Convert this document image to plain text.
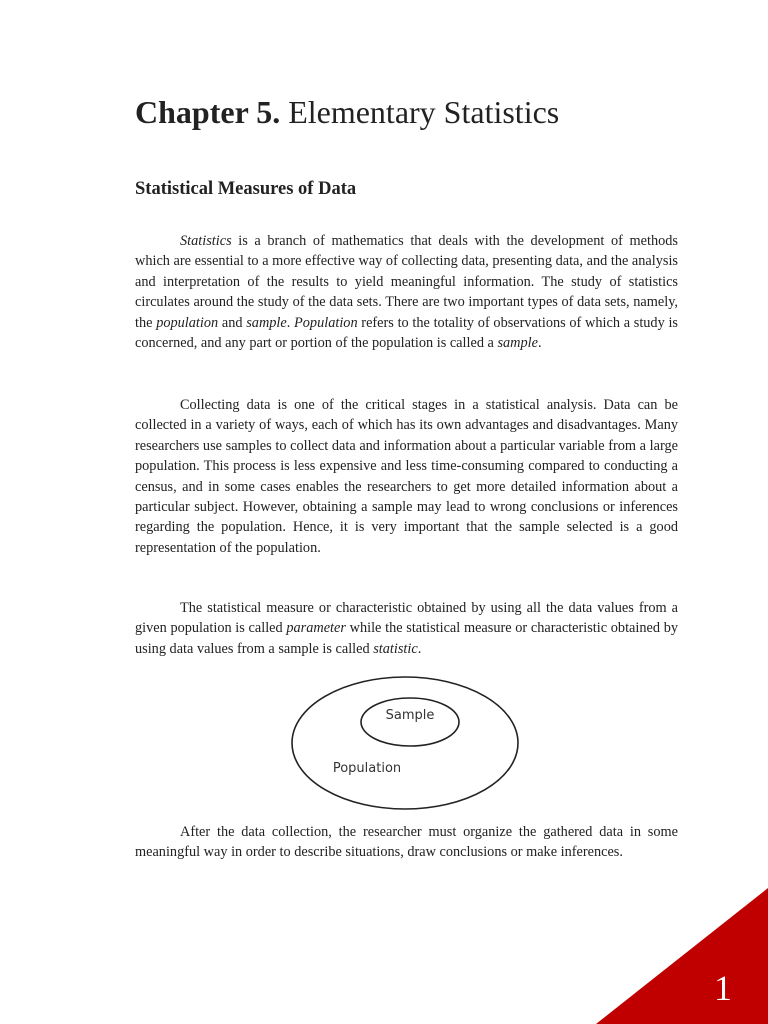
Chapter 5. Elementary Statistics
Statistical Measures of Data

Statistics is a branch of mathematics that deals with the development of methods which are essential to a more effective way of collecting data, presenting data, and the analysis and interpretation of the results to yield meaningful information. The study of statistics circulates around the study of the data sets. There are two important types of data sets, namely, the population and sample. Population refers to the totality of observations of which a study is concerned, and any part or portion of the population is called a sample.

Collecting data is one of the critical stages in a statistical analysis. Data can be collected in a variety of ways, each of which has its own advantages and disadvantages. Many researchers use samples to collect data and information about a particular variable from a large population. This process is less expensive and less time-consuming compared to conducting a census, and in some cases enables the researchers to get more detailed information about a particular subject. However, obtaining a sample may lead to wrong conclusions or inferences regarding the population. Hence, it is very important that the sample selected is a good representation of the population.

The statistical measure or characteristic obtained by using all the data values from a given population is called parameter while the statistical measure or characteristic obtained by using data values from a sample is called statistic.

Sample
Population

After the data collection, the researcher must organize the gathered data in some meaningful way in order to describe situations, draw conclusions or make inferences.

1
